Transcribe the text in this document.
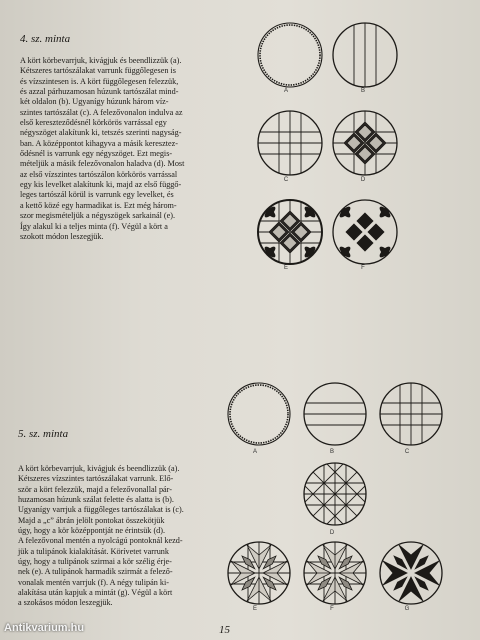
4. sz. minta
A kört körbevarrjuk, kivágjuk és beendlizzük (a).
Kétszeres tartószálakat varrunk függőlegesen is
és vízszintesen is. A kört függőlegesen felezzük,
és azzal párhuzamosan húzunk tartószálat mind-
két oldalon (b). Ugyanígy húzunk három víz-
szintes tartószálat (c). A felezővonalon indulva az
első kereszteződésnél körkörös varrással egy
négyszöget alakítunk ki, tetszés szerinti nagyság-
ban. A középpontot kihagyva a másik keresztez-
ődésnél is varrunk egy négyszöget. Ezt megis-
mételjük a másik felezővonalon haladva (d). Most
az első vízszintes tartószálon körkörös varrással
egy kis levelket alakítunk ki, majd az első függő-
leges tartószál körül is varrunk egy levelket, és
a kettő közé egy harmadikat is. Ezt még három-
szor megismételjük a négyszögek sarkainál (e).
Így alakul ki a teljes minta (f). Végül a kört a
szokott módon leszegjük.
5. sz. minta
A kört körbevarrjuk, kivágjuk és beendlizzük (a).
Kétszeres vízszintes tartószálakat varrunk. Elő-
ször a kört felezzük, majd a felezővonallal pár-
huzamosan húzunk szálat felette és alatta is (b).
Ugyanígy varrjuk a függőleges tartószálakat is (c).
Majd a „c” ábrán jelölt pontokat összekötjük
úgy, hogy a kör középpontját ne érintsük (d).
A felezővonal mentén a nyolcágú pontoknál kezd-
jük a tulipánok kialakítását. Körívetet varrunk
úgy, hogy a tulipánok szirmai a kör szélig érje-
nek (e). A tulipánok harmadik szirmát a felező-
vonalak mentén varrjuk (f). A négy tulipán ki-
alakítása után kapjuk a mintát (g). Végül a kört
a szokásos módon leszegjük.
A	B
C	D
E	F
A	B	C
D
E	F	G
15
Antikvarium.hu
